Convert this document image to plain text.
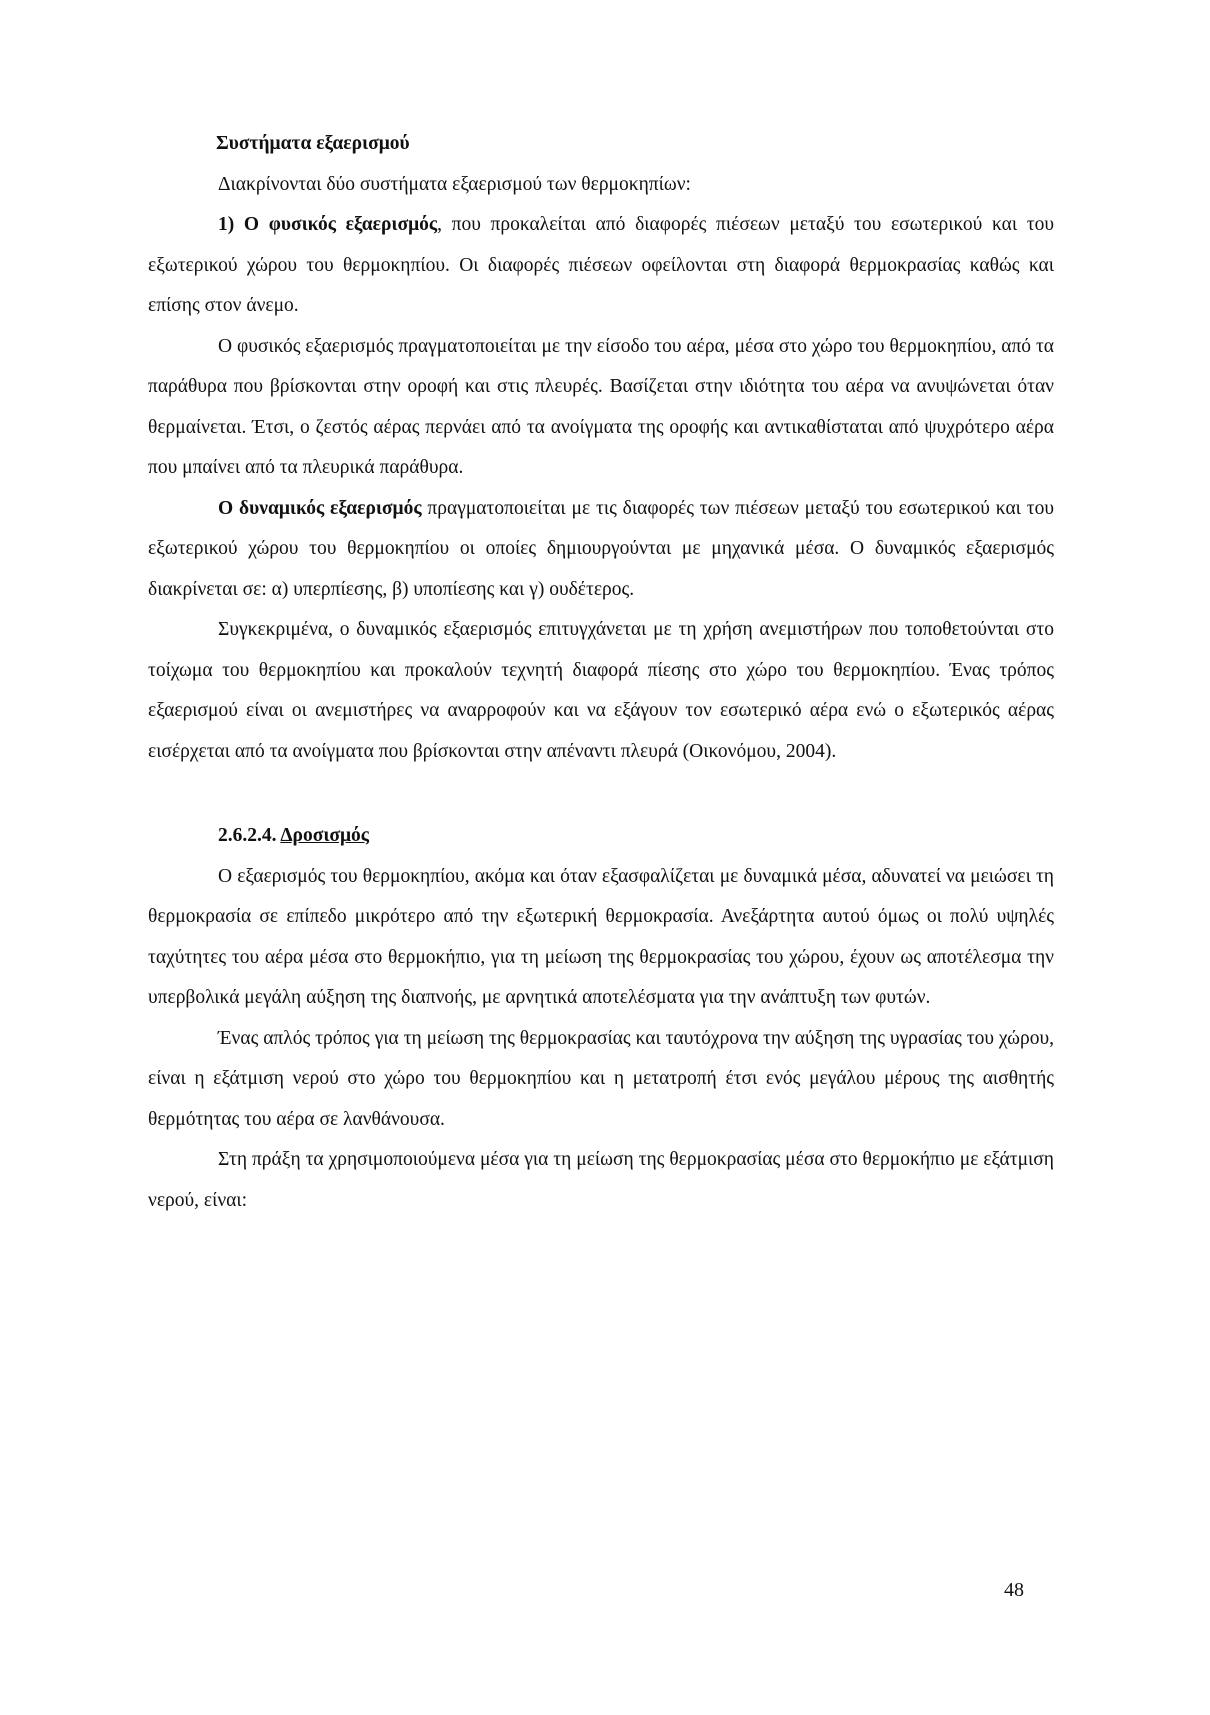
Συστήματα εξαερισμού

Διακρίνονται δύο συστήματα εξαερισμού των θερμοκηπίων:

1) Ο φυσικός εξαερισμός, που προκαλείται από διαφορές πιέσεων μεταξύ του εσωτερικού και του εξωτερικού χώρου του θερμοκηπίου. Οι διαφορές πιέσεων οφείλονται στη διαφορά θερμοκρασίας καθώς και επίσης στον άνεμο.

Ο φυσικός εξαερισμός πραγματοποιείται με την είσοδο του αέρα, μέσα στο χώρο του θερμοκηπίου, από τα παράθυρα που βρίσκονται στην οροφή και στις πλευρές. Βασίζεται στην ιδιότητα του αέρα να ανυψώνεται όταν θερμαίνεται. Έτσι, ο ζεστός αέρας περνάει από τα ανοίγματα της οροφής και αντικαθίσταται από ψυχρότερο αέρα που μπαίνει από τα πλευρικά παράθυρα.

Ο δυναμικός εξαερισμός πραγματοποιείται με τις διαφορές των πιέσεων μεταξύ του εσωτερικού και του εξωτερικού χώρου του θερμοκηπίου οι οποίες δημιουργούνται με μηχανικά μέσα. Ο δυναμικός εξαερισμός διακρίνεται σε: α) υπερπίεσης, β) υποπίεσης και γ) ουδέτερος.

Συγκεκριμένα, ο δυναμικός εξαερισμός επιτυγχάνεται με τη χρήση ανεμιστήρων που τοποθετούνται στο τοίχωμα του θερμοκηπίου και προκαλούν τεχνητή διαφορά πίεσης στο χώρο του θερμοκηπίου. Ένας τρόπος εξαερισμού είναι οι ανεμιστήρες να αναρροφούν και να εξάγουν τον εσωτερικό αέρα ενώ ο εξωτερικός αέρας εισέρχεται από τα ανοίγματα που βρίσκονται στην απέναντι πλευρά (Οικονόμου, 2004).

2.6.2.4. Δροσισμός

Ο εξαερισμός του θερμοκηπίου, ακόμα και όταν εξασφαλίζεται με δυναμικά μέσα, αδυνατεί να μειώσει τη θερμοκρασία σε επίπεδο μικρότερο από την εξωτερική θερμοκρασία. Ανεξάρτητα αυτού όμως οι πολύ υψηλές ταχύτητες του αέρα μέσα στο θερμοκήπιο, για τη μείωση της θερμοκρασίας του χώρου, έχουν ως αποτέλεσμα την υπερβολικά μεγάλη αύξηση της διαπνοής, με αρνητικά αποτελέσματα για την ανάπτυξη των φυτών.

Ένας απλός τρόπος για τη μείωση της θερμοκρασίας και ταυτόχρονα την αύξηση της υγρασίας του χώρου, είναι η εξάτμιση νερού στο χώρο του θερμοκηπίου και η μετατροπή έτσι ενός μεγάλου μέρους της αισθητής θερμότητας του αέρα σε λανθάνουσα.

Στη πράξη τα χρησιμοποιούμενα μέσα για τη μείωση της θερμοκρασίας μέσα στο θερμοκήπιο με εξάτμιση νερού, είναι:

48
